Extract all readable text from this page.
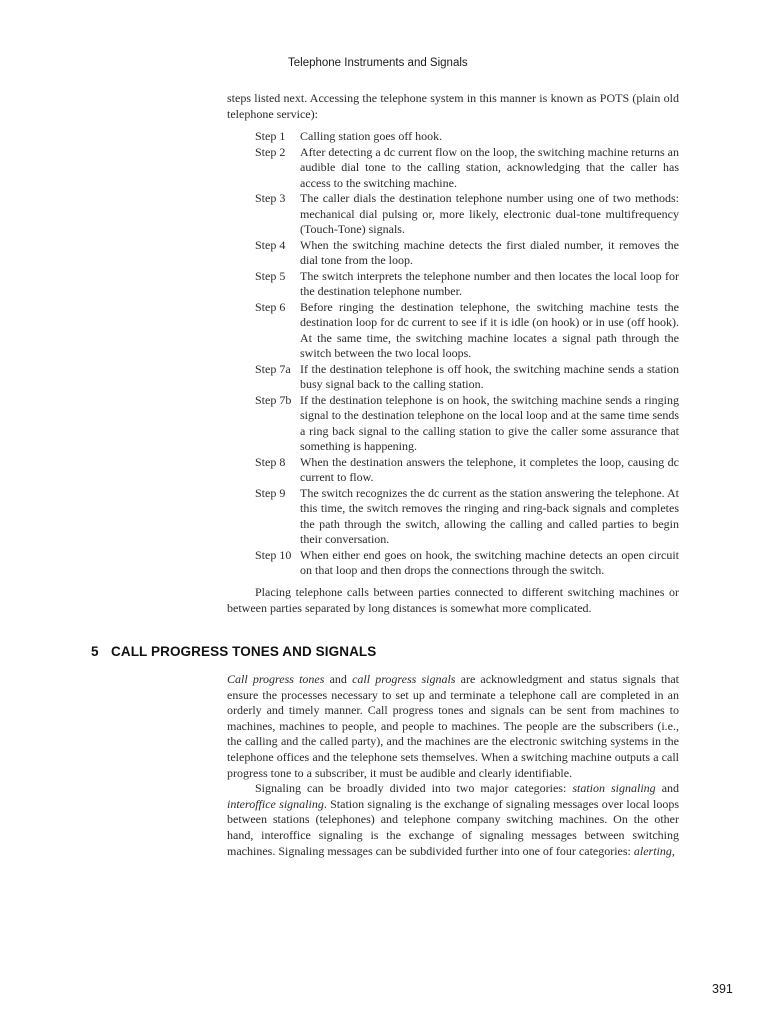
Telephone Instruments and Signals

steps listed next. Accessing the telephone system in this manner is known as POTS (plain old telephone service):

Step 1	Calling station goes off hook.
Step 2	After detecting a dc current flow on the loop, the switching machine returns an audible dial tone to the calling station, acknowledging that the caller has access to the switching machine.
Step 3	The caller dials the destination telephone number using one of two methods: mechanical dial pulsing or, more likely, electronic dual-tone multifrequency (Touch-Tone) signals.
Step 4	When the switching machine detects the first dialed number, it removes the dial tone from the loop.
Step 5	The switch interprets the telephone number and then locates the local loop for the destination telephone number.
Step 6	Before ringing the destination telephone, the switching machine tests the destination loop for dc current to see if it is idle (on hook) or in use (off hook). At the same time, the switching machine locates a signal path through the switch between the two local loops.
Step 7a If the destination telephone is off hook, the switching machine sends a station busy signal back to the calling station.
Step 7b If the destination telephone is on hook, the switching machine sends a ringing signal to the destination telephone on the local loop and at the same time sends a ring back signal to the calling station to give the caller some assurance that something is happening.
Step 8	When the destination answers the telephone, it completes the loop, causing dc current to flow.
Step 9	The switch recognizes the dc current as the station answering the telephone. At this time, the switch removes the ringing and ring-back signals and completes the path through the switch, allowing the calling and called parties to begin their conversation.
Step 10 When either end goes on hook, the switching machine detects an open circuit on that loop and then drops the connections through the switch.

Placing telephone calls between parties connected to different switching machines or between parties separated by long distances is somewhat more complicated.

5 CALL PROGRESS TONES AND SIGNALS

Call progress tones and call progress signals are acknowledgment and status signals that ensure the processes necessary to set up and terminate a telephone call are completed in an orderly and timely manner. Call progress tones and signals can be sent from machines to machines, machines to people, and people to machines. The people are the subscribers (i.e., the calling and the called party), and the machines are the electronic switching systems in the telephone offices and the telephone sets themselves. When a switching machine outputs a call progress tone to a subscriber, it must be audible and clearly identifiable.

Signaling can be broadly divided into two major categories: station signaling and interoffice signaling. Station signaling is the exchange of signaling messages over local loops between stations (telephones) and telephone company switching machines. On the other hand, interoffice signaling is the exchange of signaling messages between switching machines. Signaling messages can be subdivided further into one of four categories: alerting,

391
